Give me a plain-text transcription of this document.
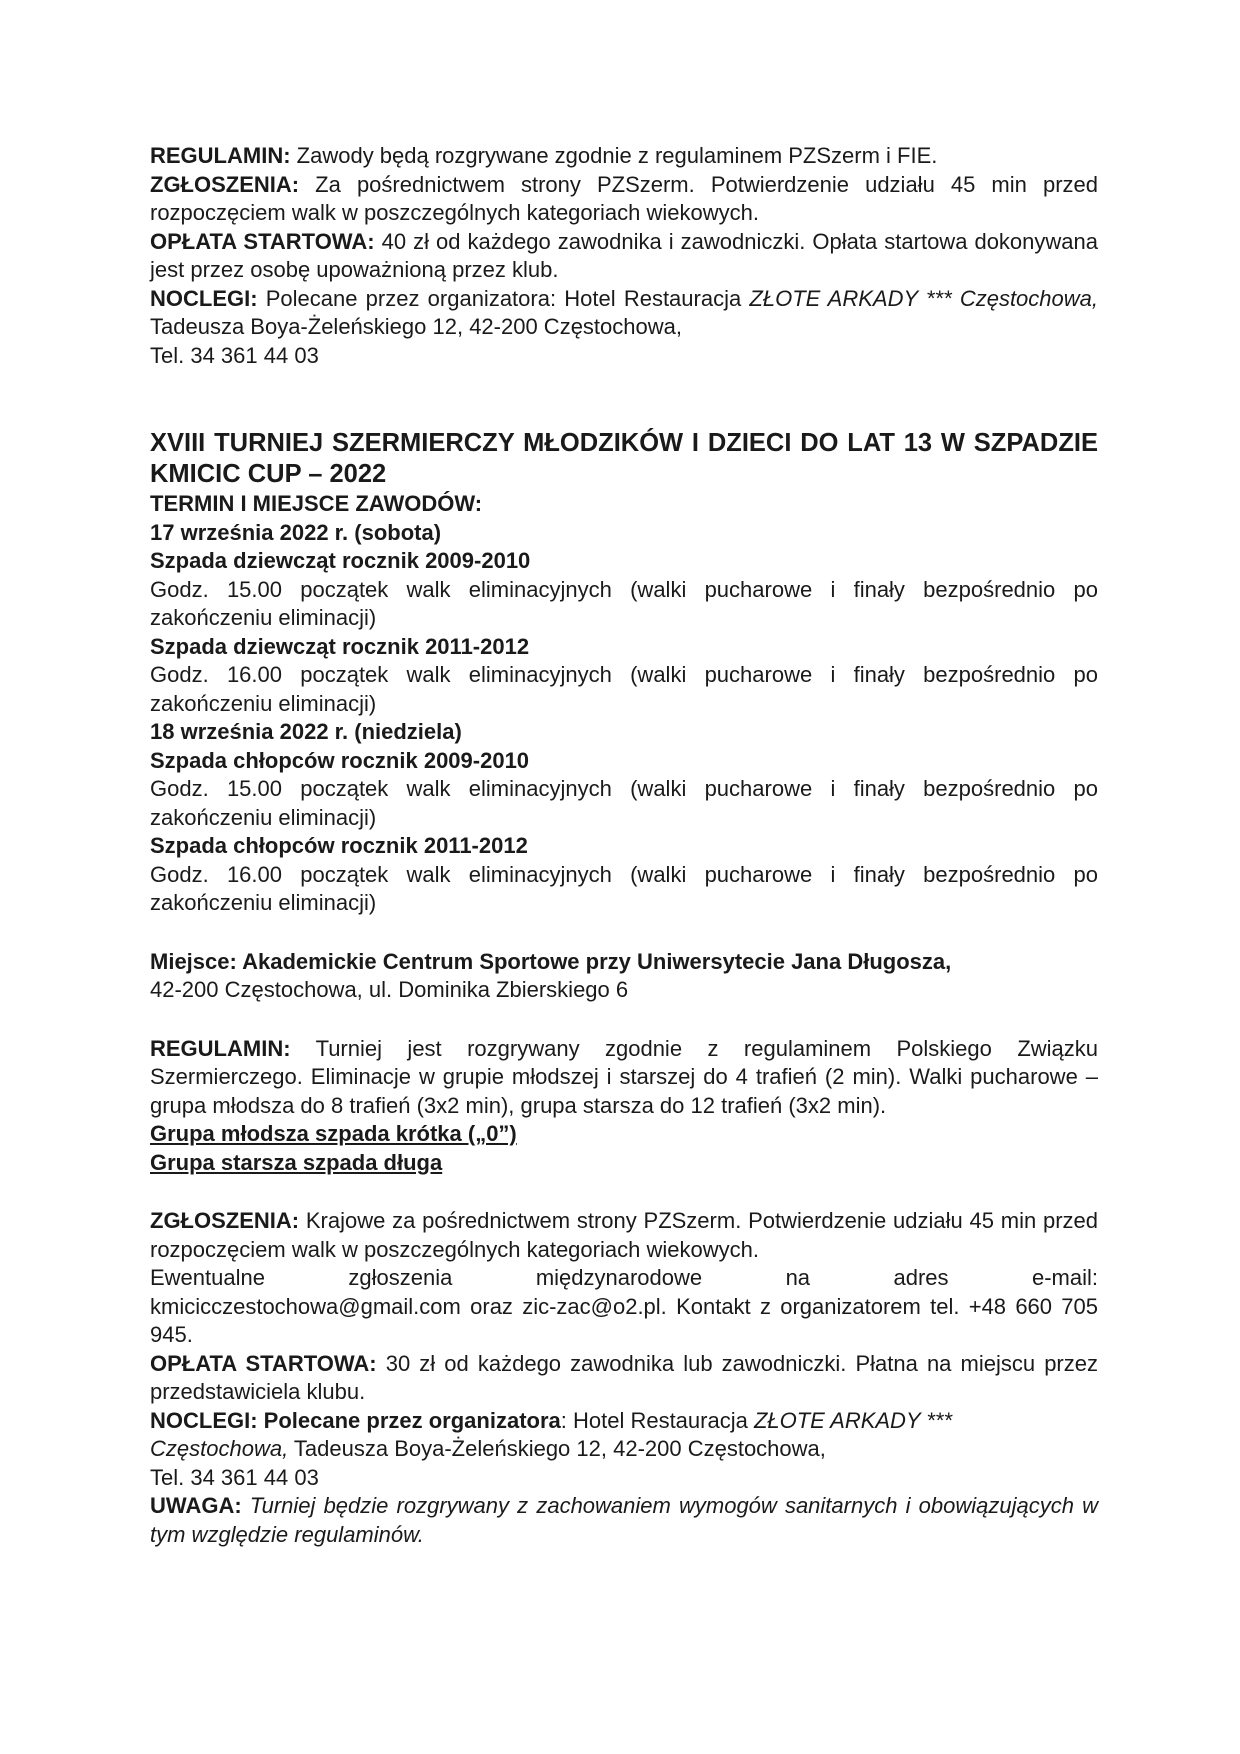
REGULAMIN: Zawody będą rozgrywane zgodnie z regulaminem PZSzerm i FIE.

ZGŁOSZENIA: Za pośrednictwem strony PZSzerm. Potwierdzenie udziału 45 min przed rozpoczęciem walk w poszczególnych kategoriach wiekowych.

OPŁATA STARTOWA: 40 zł od każdego zawodnika i zawodniczki. Opłata startowa dokonywana jest przez osobę upoważnioną przez klub.

NOCLEGI: Polecane przez organizatora: Hotel Restauracja ZŁOTE ARKADY *** Częstochowa, Tadeusza Boya-Żeleńskiego 12, 42-200 Częstochowa,

Tel. 34 361 44 03

XVIII TURNIEJ SZERMIERCZY MŁODZIKÓW I DZIECI DO LAT 13 W SZPADZIE KMICIC CUP – 2022

TERMIN I MIEJSCE ZAWODÓW:

17 września 2022 r. (sobota)

Szpada dziewcząt rocznik 2009-2010

Godz. 15.00 początek walk eliminacyjnych (walki pucharowe i finały bezpośrednio po zakończeniu eliminacji)

Szpada dziewcząt rocznik 2011-2012

Godz. 16.00 początek walk eliminacyjnych (walki pucharowe i finały bezpośrednio po zakończeniu eliminacji)

18 września 2022 r. (niedziela)

Szpada chłopców rocznik 2009-2010

Godz. 15.00 początek walk eliminacyjnych (walki pucharowe i finały bezpośrednio po zakończeniu eliminacji)

Szpada chłopców rocznik 2011-2012

Godz. 16.00 początek walk eliminacyjnych (walki pucharowe i finały bezpośrednio po zakończeniu eliminacji)

Miejsce: Akademickie Centrum Sportowe przy Uniwersytecie Jana Długosza,

42-200 Częstochowa, ul. Dominika Zbierskiego 6

REGULAMIN: Turniej jest rozgrywany zgodnie z regulaminem Polskiego Związku Szermierczego. Eliminacje w grupie młodszej i starszej do 4 trafień (2 min). Walki pucharowe – grupa młodsza do 8 trafień (3x2 min), grupa starsza do 12 trafień (3x2 min).

Grupa młodsza szpada krótka („0”)

Grupa starsza szpada długa

ZGŁOSZENIA: Krajowe za pośrednictwem strony PZSzerm. Potwierdzenie udziału 45 min przed rozpoczęciem walk w poszczególnych kategoriach wiekowych.

Ewentualne	zgłoszenia	międzynarodowe	na	adres	e-mail:

kmicicczestochowa@gmail.com oraz zic-zac@o2.pl. Kontakt z organizatorem tel. +48 660 705 945.

OPŁATA STARTOWA: 30 zł od każdego zawodnika lub zawodniczki. Płatna na miejscu przez przedstawiciela klubu.

NOCLEGI: Polecane przez organizatora: Hotel Restauracja ZŁOTE ARKADY ***

Częstochowa, Tadeusza Boya-Żeleńskiego 12, 42-200 Częstochowa,

Tel. 34 361 44 03

UWAGA: Turniej będzie rozgrywany z zachowaniem wymogów sanitarnych i obowiązujących w tym względzie regulaminów.
